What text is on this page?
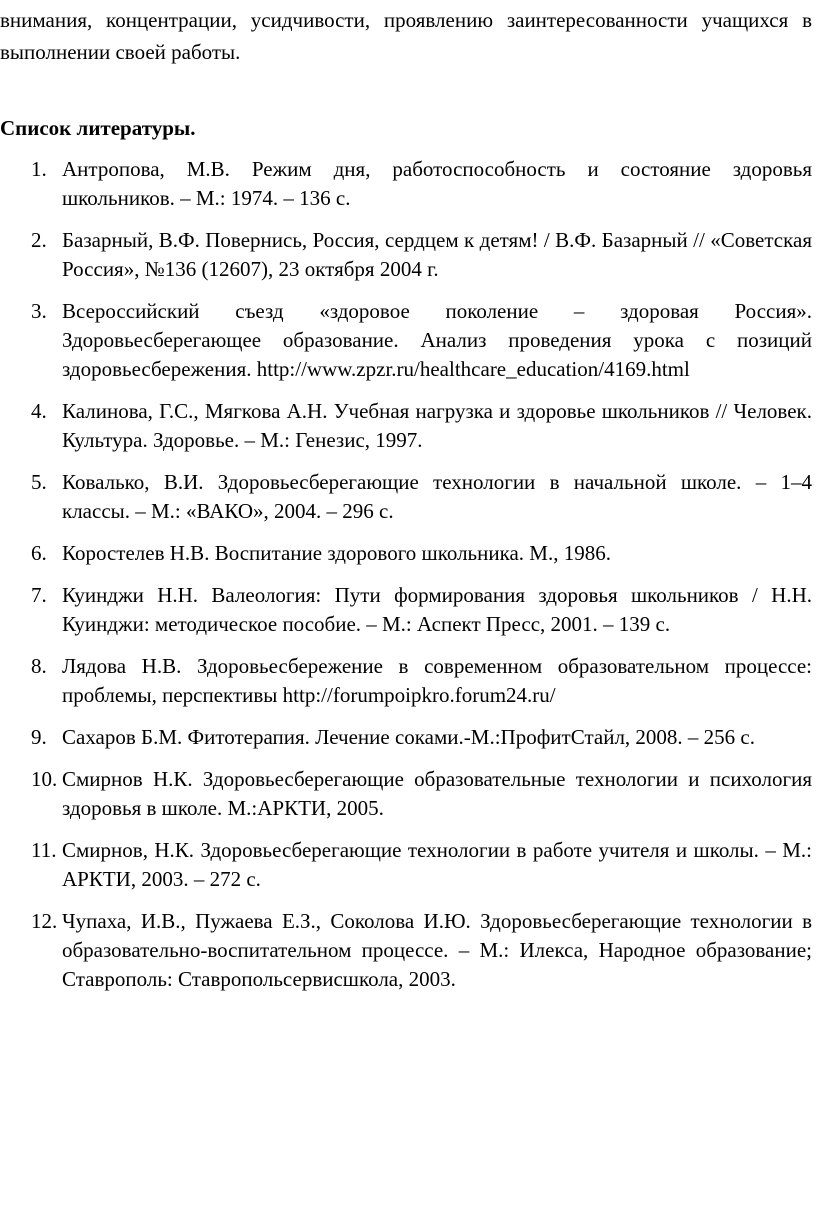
внимания, концентрации, усидчивости, проявлению заинтересованности учащихся в выполнении своей работы.

Список литературы.
1. Антропова, М.В. Режим дня, работоспособность и состояние здоровья школьников. – М.: 1974. – 136 с.
2. Базарный, В.Ф. Повернись, Россия, сердцем к детям! / В.Ф. Базарный // «Советская Россия», №136 (12607), 23 октября 2004 г.
3. Всероссийский съезд «здоровое поколение – здоровая Россия». Здоровьесберегающее образование. Анализ проведения урока с позиций здоровьесбережения. http://www.zpzr.ru/healthcare_education/4169.html
4. Калинова, Г.С., Мягкова А.Н. Учебная нагрузка и здоровье школьников // Человек. Культура. Здоровье. – М.: Генезис, 1997.
5. Ковалько, В.И. Здоровьесберегающие технологии в начальной школе. – 1–4 классы. – М.: «ВАКО», 2004. – 296 с.
6. Коростелев Н.В. Воспитание здорового школьника. М., 1986.
7. Куинджи Н.Н. Валеология: Пути формирования здоровья школьников / Н.Н. Куинджи: методическое пособие. – М.: Аспект Пресс, 2001. – 139 с.
8. Лядова Н.В. Здоровьесбережение в современном образовательном процессе: проблемы, перспективы http://forumpoipkro.forum24.ru/
9. Сахаров Б.М. Фитотерапия. Лечение соками.-М.:ПрофитСтайл, 2008. – 256 с.
10. Смирнов Н.К. Здоровьесберегающие образовательные технологии и психология здоровья в школе. М.:АРКТИ, 2005.
11. Смирнов, Н.К. Здоровьесберегающие технологии в работе учителя и школы. – М.: АРКТИ, 2003. – 272 с.
12. Чупаха, И.В., Пужаева Е.З., Соколова И.Ю. Здоровьесберегающие технологии в образовательно-воспитательном процессе. – М.: Илекса, Народное образование; Ставрополь: Ставропольсервисшкола, 2003.
